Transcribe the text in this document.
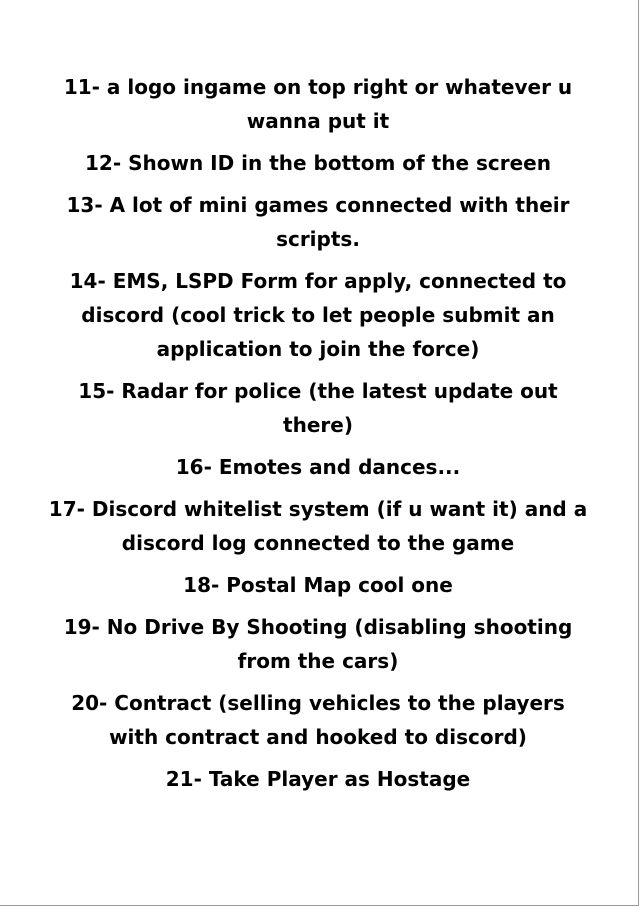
11- a logo ingame on top right or whatever u wanna put it

12- Shown ID in the bottom of the screen

13- A lot of mini games connected with their scripts.

14- EMS, LSPD Form for apply, connected to discord (cool trick to let people submit an application to join the force)

15- Radar for police (the latest update out there)

16- Emotes and dances...

17- Discord whitelist system (if u want it) and a discord log connected to the game

18- Postal Map cool one

19- No Drive By Shooting (disabling shooting from the cars)

20- Contract (selling vehicles to the players with contract and hooked to discord)

21- Take Player as Hostage
